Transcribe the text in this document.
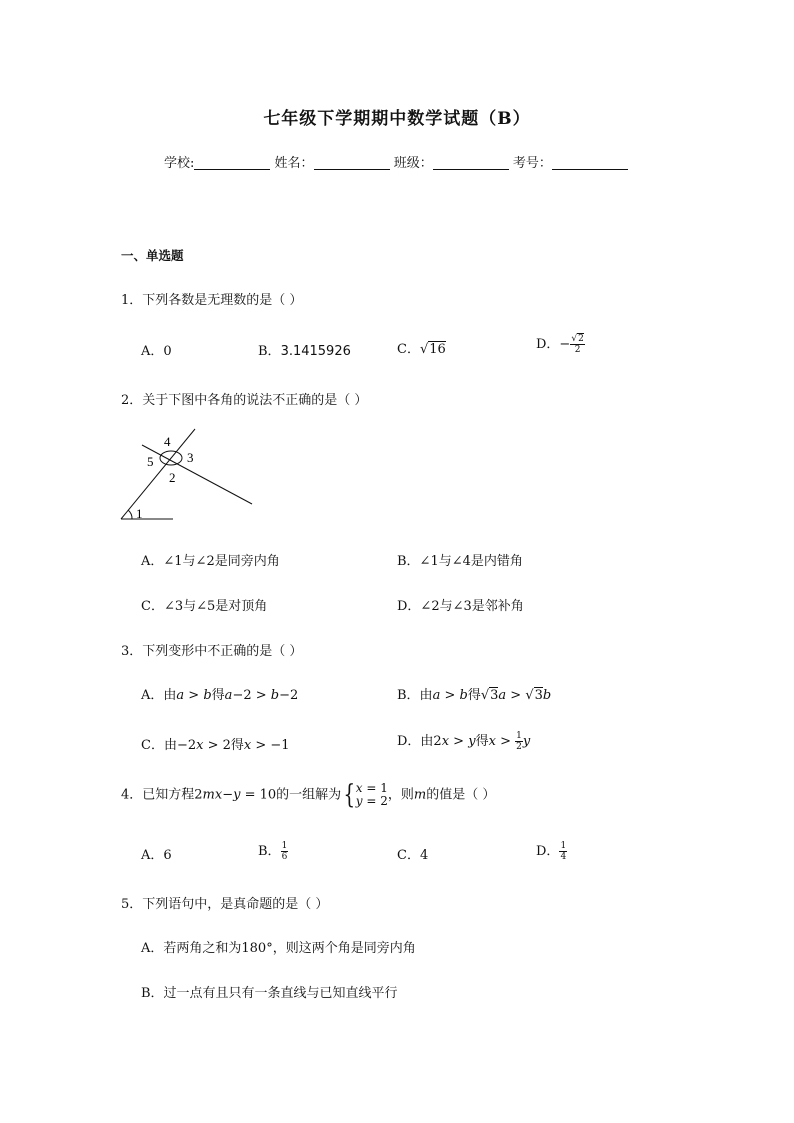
七年级下学期期中数学试题（B）
学校:	姓名：	班级：	考号：
一、单选题
1．下列各数是无理数的是（ ）
A．0	B．3.1415926	C．√16	D．− $\frac{√2}{2}$
2．关于下图中各角的说法不正确的是（ ）
4
5	3
2
1
A．∠1与∠2是同旁内角	B．∠1与∠4是内错角
C．∠3与∠5是对顶角	D．∠2与∠3是邻补角
3．下列变形中不正确的是（ ）
A．由a > b得a−2 > b−2	B．由a > b得√3a > √3b
C．由−2x > 2得x > −1	D．由2x > y得$x > \frac{1}{2}$ y
4．已知方程2mx−y = 10的一组解为{x = 1
y = 2，则m的值是（ ）
A．6	B． $\frac{1}{6}$	C．4	D． $\frac{1}{4}$
5．下列语句中，是真命题的是（ ）
A．若两角之和为180°，则这两个角是同旁内角
B．过一点有且只有一条直线与已知直线平行
